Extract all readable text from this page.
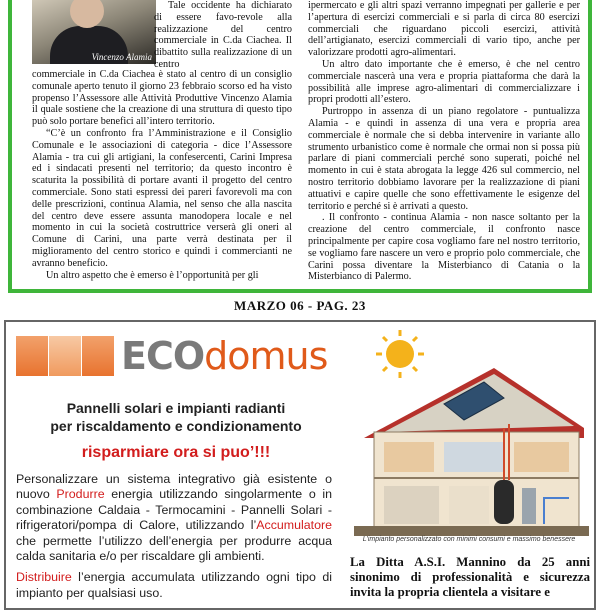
Vincenzo Alamia

Tale occidente ha dichiarato di essere favo-revole alla realizzazione del centro commerciale in C.da Ciachea. Il dibattito sulla realizzazione di un centro

commerciale in C.da Ciachea è stato al centro di un consiglio comunale aperto tenuto il giorno 23 febbraio scorso ed ha visto propenso l’Assessore alle Attività Produttive Vincenzo Alamia il quale sostiene che la creazione di una struttura di questo tipo può solo portare benefici all’intero territorio.

“C’è un confronto fra l’Amministrazione e il Consiglio Comunale e le associazioni di categoria - dice l’Assessore Alamia - tra cui gli artigiani, la confesercenti, Carini Impresa ed i sindacati presenti nel territorio; da questo incontro è scaturita la possibilità di portare avanti il progetto del centro commerciale. Sono stati espressi dei pareri favorevoli ma con delle prescrizioni, continua Alamia, nel senso che alla nascita del centro deve essere assunta manodopera locale e nel momento in cui la società costruttrice verserà gli oneri al Comune di Carini, una parte verrà destinata per il miglioramento del centro storico e quindi i commercianti ne avranno beneficio.

Un altro aspetto che è emerso è l’opportunità per gli

ipermercato e gli altri spazi verranno impegnati per gallerie e per l’apertura di esercizi commerciali e si parla di circa 80 esercizi commerciali che riguardano piccoli esercizi, attività dell’artigianato, esercizi commerciali di vario tipo, anche per valorizzare prodotti agro-alimentari.

Un altro dato importante che è emerso, è che nel centro commerciale nascerà una vera e propria piattaforma che darà la possibilità alle imprese agro-alimentari di commercializzare i propri prodotti all’estero.

Purtroppo in assenza di un piano regolatore - puntualizza Alamia - e quindi in assenza di una vera e propria area commerciale è normale che si debba intervenire in variante allo strumento urbanistico come è normale che ormai non si possa più parlare di piani commerciali perché sono superati, poiché nel momento in cui è stata abrogata la legge 426 sul commercio, nel nostro territorio dobbiamo lavorare per la realizzazione di piani attuativi e capire quelle che sono effettivamente le esigenze del territorio e perché si è arrivati a questo.

. Il confronto - continua Alamia - non nasce soltanto per la creazione del centro commerciale, il confronto nasce principalmente per capire cosa vogliamo fare nel nostro territorio, se vogliamo fare nascere un vero e proprio polo commerciale, che Carini possa diventare la Misterbianco di Catania o la Misterbianco di Palermo.

MARZO 06 - PAG. 23
ECO domus
Pannelli solari e impianti radianti
per riscaldamento e condizionamento
risparmiare ora si puo’!!!

Personalizzare un sistema integrativo già esistente o nuovo Produrre energia utilizzando singolarmente o in combinazione Caldaia - Termocamini - Pannelli Solari - rifrigeratori/pompa di Calore, utilizzando l’Accumulatore che permette l’utilizzo dell’energia per produrre acqua calda sanitaria e/o per riscaldare gli ambienti.

Distribuire l’energia accumulata utilizzando ogni tipo di impianto per qualsiasi uso.

L’impianto personalizzato con minimi consumi e massimo benessere
La Ditta A.S.I. Mannino da 25 anni sinonimo di professionalità e sicurezza invita la propria clientela a visitare e
